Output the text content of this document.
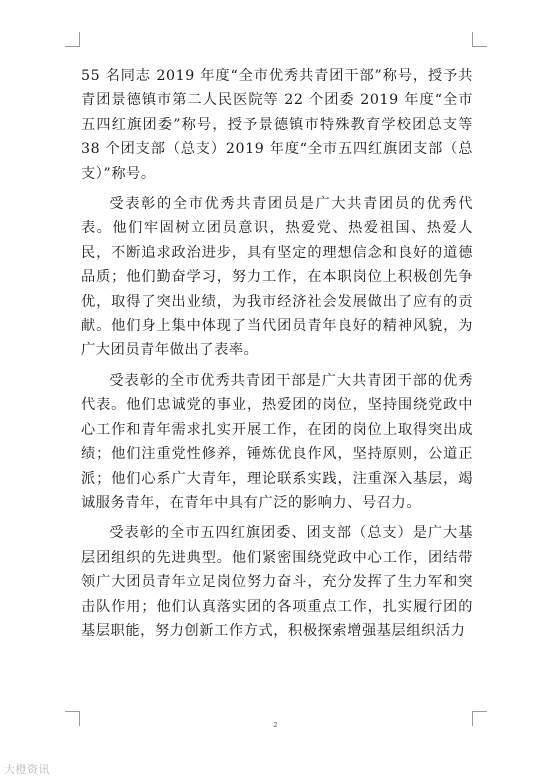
55 名同志 2019 年度“全市优秀共青团干部”称号，授予共青团景德镇市第二人民医院等 22 个团委 2019 年度“全市五四红旗团委”称号，授予景德镇市特殊教育学校团总支等 38 个团支部（总支）2019 年度“全市五四红旗团支部（总支）”称号。

受表彰的全市优秀共青团员是广大共青团员的优秀代表。他们牢固树立团员意识，热爱党、热爱祖国、热爱人民，不断追求政治进步，具有坚定的理想信念和良好的道德品质；他们勤奋学习，努力工作，在本职岗位上积极创先争优，取得了突出业绩，为我市经济社会发展做出了应有的贡献。他们身上集中体现了当代团员青年良好的精神风貌，为广大团员青年做出了表率。

受表彰的全市优秀共青团干部是广大共青团干部的优秀代表。他们忠诚党的事业，热爱团的岗位，坚持围绕党政中心工作和青年需求扎实开展工作，在团的岗位上取得突出成绩；他们注重党性修养，锤炼优良作风，坚持原则，公道正派；他们心系广大青年，理论联系实践，注重深入基层，竭诚服务青年，在青年中具有广泛的影响力、号召力。

受表彰的全市五四红旗团委、团支部（总支）是广大基层团组织的先进典型。他们紧密围绕党政中心工作，团结带领广大团员青年立足岗位努力奋斗，充分发挥了生力军和突击队作用；他们认真落实团的各项重点工作，扎实履行团的基层职能，努力创新工作方式，积极探索增强基层组织活力

2
大橙资讯
